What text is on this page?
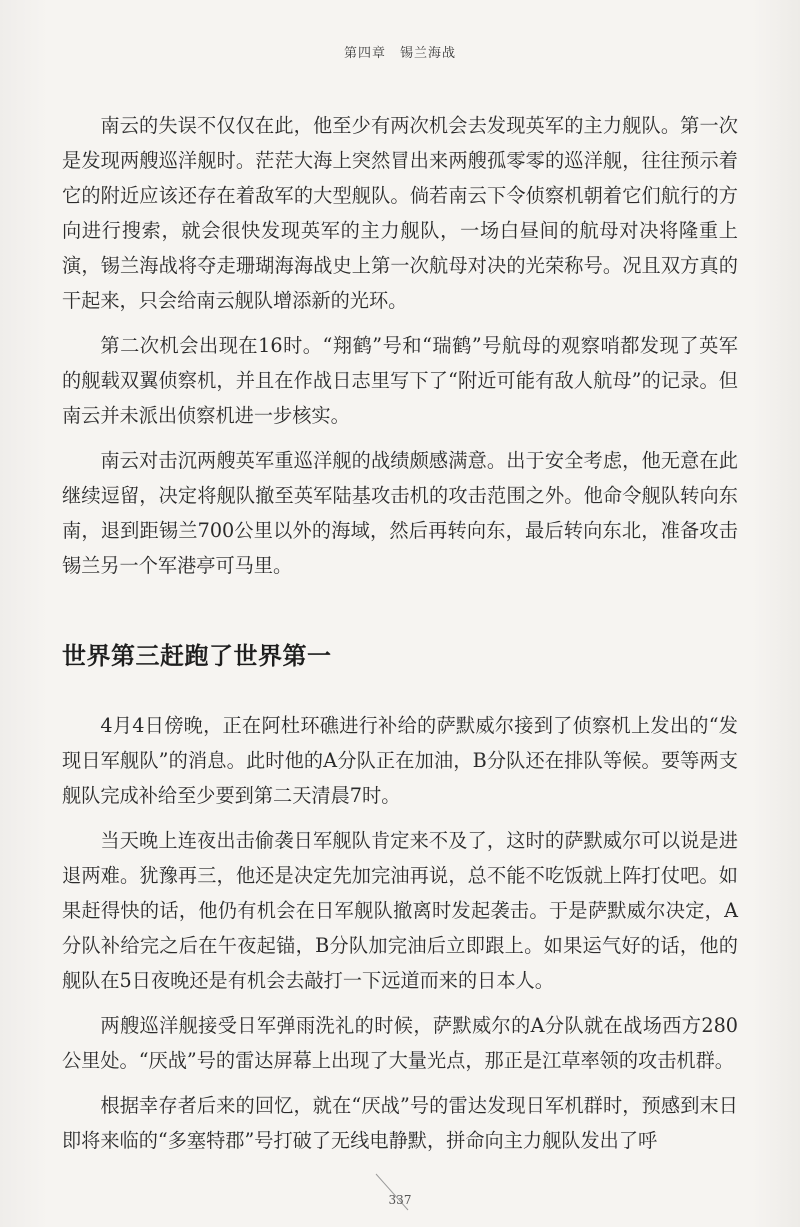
第四章　锡兰海战

南云的失误不仅仅在此，他至少有两次机会去发现英军的主力舰队。第一次是发现两艘巡洋舰时。茫茫大海上突然冒出来两艘孤零零的巡洋舰，往往预示着它的附近应该还存在着敌军的大型舰队。倘若南云下令侦察机朝着它们航行的方向进行搜索，就会很快发现英军的主力舰队，一场白昼间的航母对决将隆重上演，锡兰海战将夺走珊瑚海海战史上第一次航母对决的光荣称号。况且双方真的干起来，只会给南云舰队增添新的光环。

第二次机会出现在16时。“翔鹤”号和“瑞鹤”号航母的观察哨都发现了英军的舰载双翼侦察机，并且在作战日志里写下了“附近可能有敌人航母”的记录。但南云并未派出侦察机进一步核实。

南云对击沉两艘英军重巡洋舰的战绩颇感满意。出于安全考虑，他无意在此继续逗留，决定将舰队撤至英军陆基攻击机的攻击范围之外。他命令舰队转向东南，退到距锡兰700公里以外的海域，然后再转向东，最后转向东北，准备攻击锡兰另一个军港亭可马里。

世界第三赶跑了世界第一

4月4日傍晚，正在阿杜环礁进行补给的萨默威尔接到了侦察机上发出的“发现日军舰队”的消息。此时他的A分队正在加油，B分队还在排队等候。要等两支舰队完成补给至少要到第二天清晨7时。

当天晚上连夜出击偷袭日军舰队肯定来不及了，这时的萨默威尔可以说是进退两难。犹豫再三，他还是决定先加完油再说，总不能不吃饭就上阵打仗吧。如果赶得快的话，他仍有机会在日军舰队撤离时发起袭击。于是萨默威尔决定，A分队补给完之后在午夜起锚，B分队加完油后立即跟上。如果运气好的话，他的舰队在5日夜晚还是有机会去敲打一下远道而来的日本人。

两艘巡洋舰接受日军弹雨洗礼的时候，萨默威尔的A分队就在战场西方280公里处。“厌战”号的雷达屏幕上出现了大量光点，那正是江草率领的攻击机群。

根据幸存者后来的回忆，就在“厌战”号的雷达发现日军机群时，预感到末日即将来临的“多塞特郡”号打破了无线电静默，拼命向主力舰队发出了呼

337
